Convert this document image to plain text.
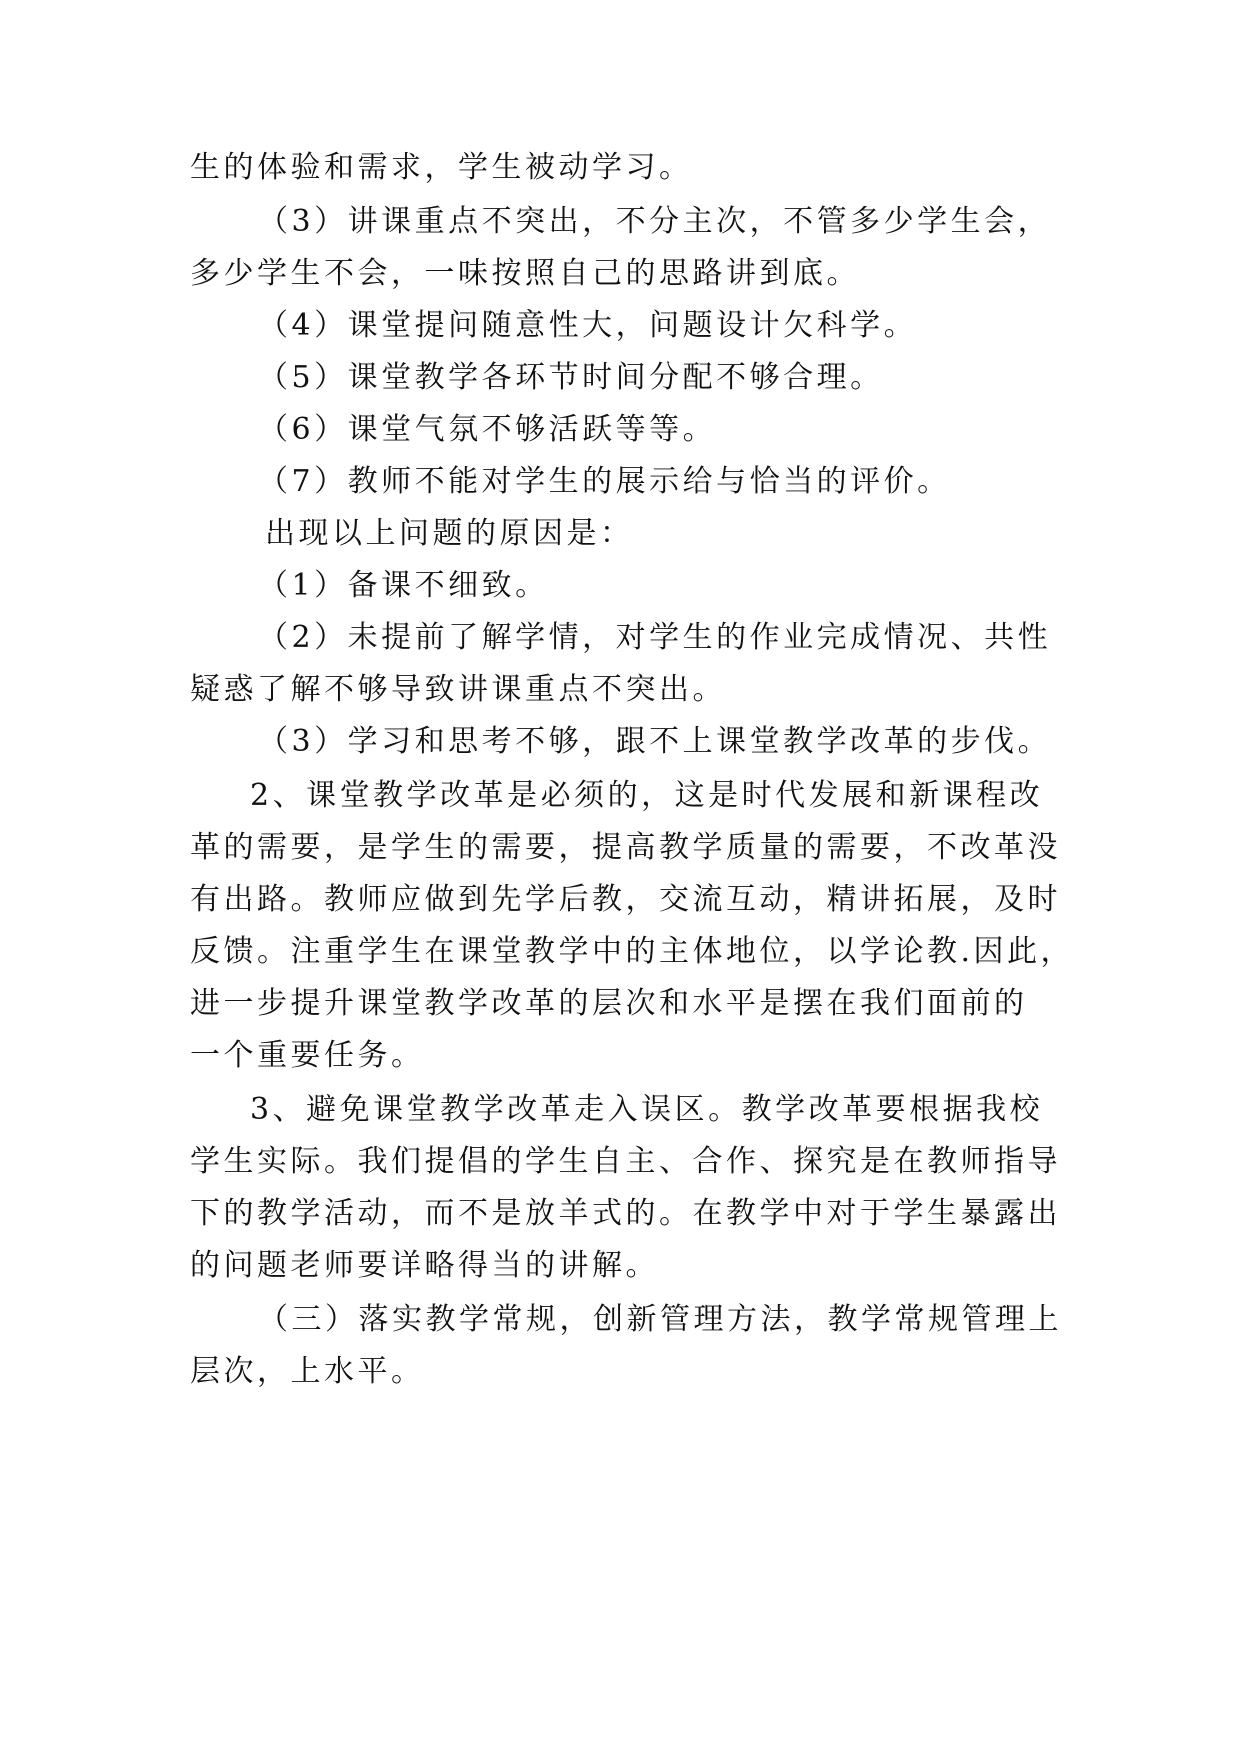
生的体验和需求，学生被动学习。
（3）讲课重点不突出，不分主次，不管多少学生会，
多少学生不会，一味按照自己的思路讲到底。
（4）课堂提问随意性大，问题设计欠科学。
（5）课堂教学各环节时间分配不够合理。
（6）课堂气氛不够活跃等等。
（7）教师不能对学生的展示给与恰当的评价。
出现以上问题的原因是：
（1）备课不细致。
（2）未提前了解学情，对学生的作业完成情况、共性
疑惑了解不够导致讲课重点不突出。
（3）学习和思考不够，跟不上课堂教学改革的步伐。
2、课堂教学改革是必须的，这是时代发展和新课程改
革的需要，是学生的需要，提高教学质量的需要，不改革没
有出路。教师应做到先学后教，交流互动，精讲拓展，及时
反馈。注重学生在课堂教学中的主体地位，以学论教.因此，
进一步提升课堂教学改革的层次和水平是摆在我们面前的
一个重要任务。
3、避免课堂教学改革走入误区。教学改革要根据我校
学生实际。我们提倡的学生自主、合作、探究是在教师指导
下的教学活动，而不是放羊式的。在教学中对于学生暴露出
的问题老师要详略得当的讲解。
（三）落实教学常规，创新管理方法，教学常规管理上
层次，上水平。
